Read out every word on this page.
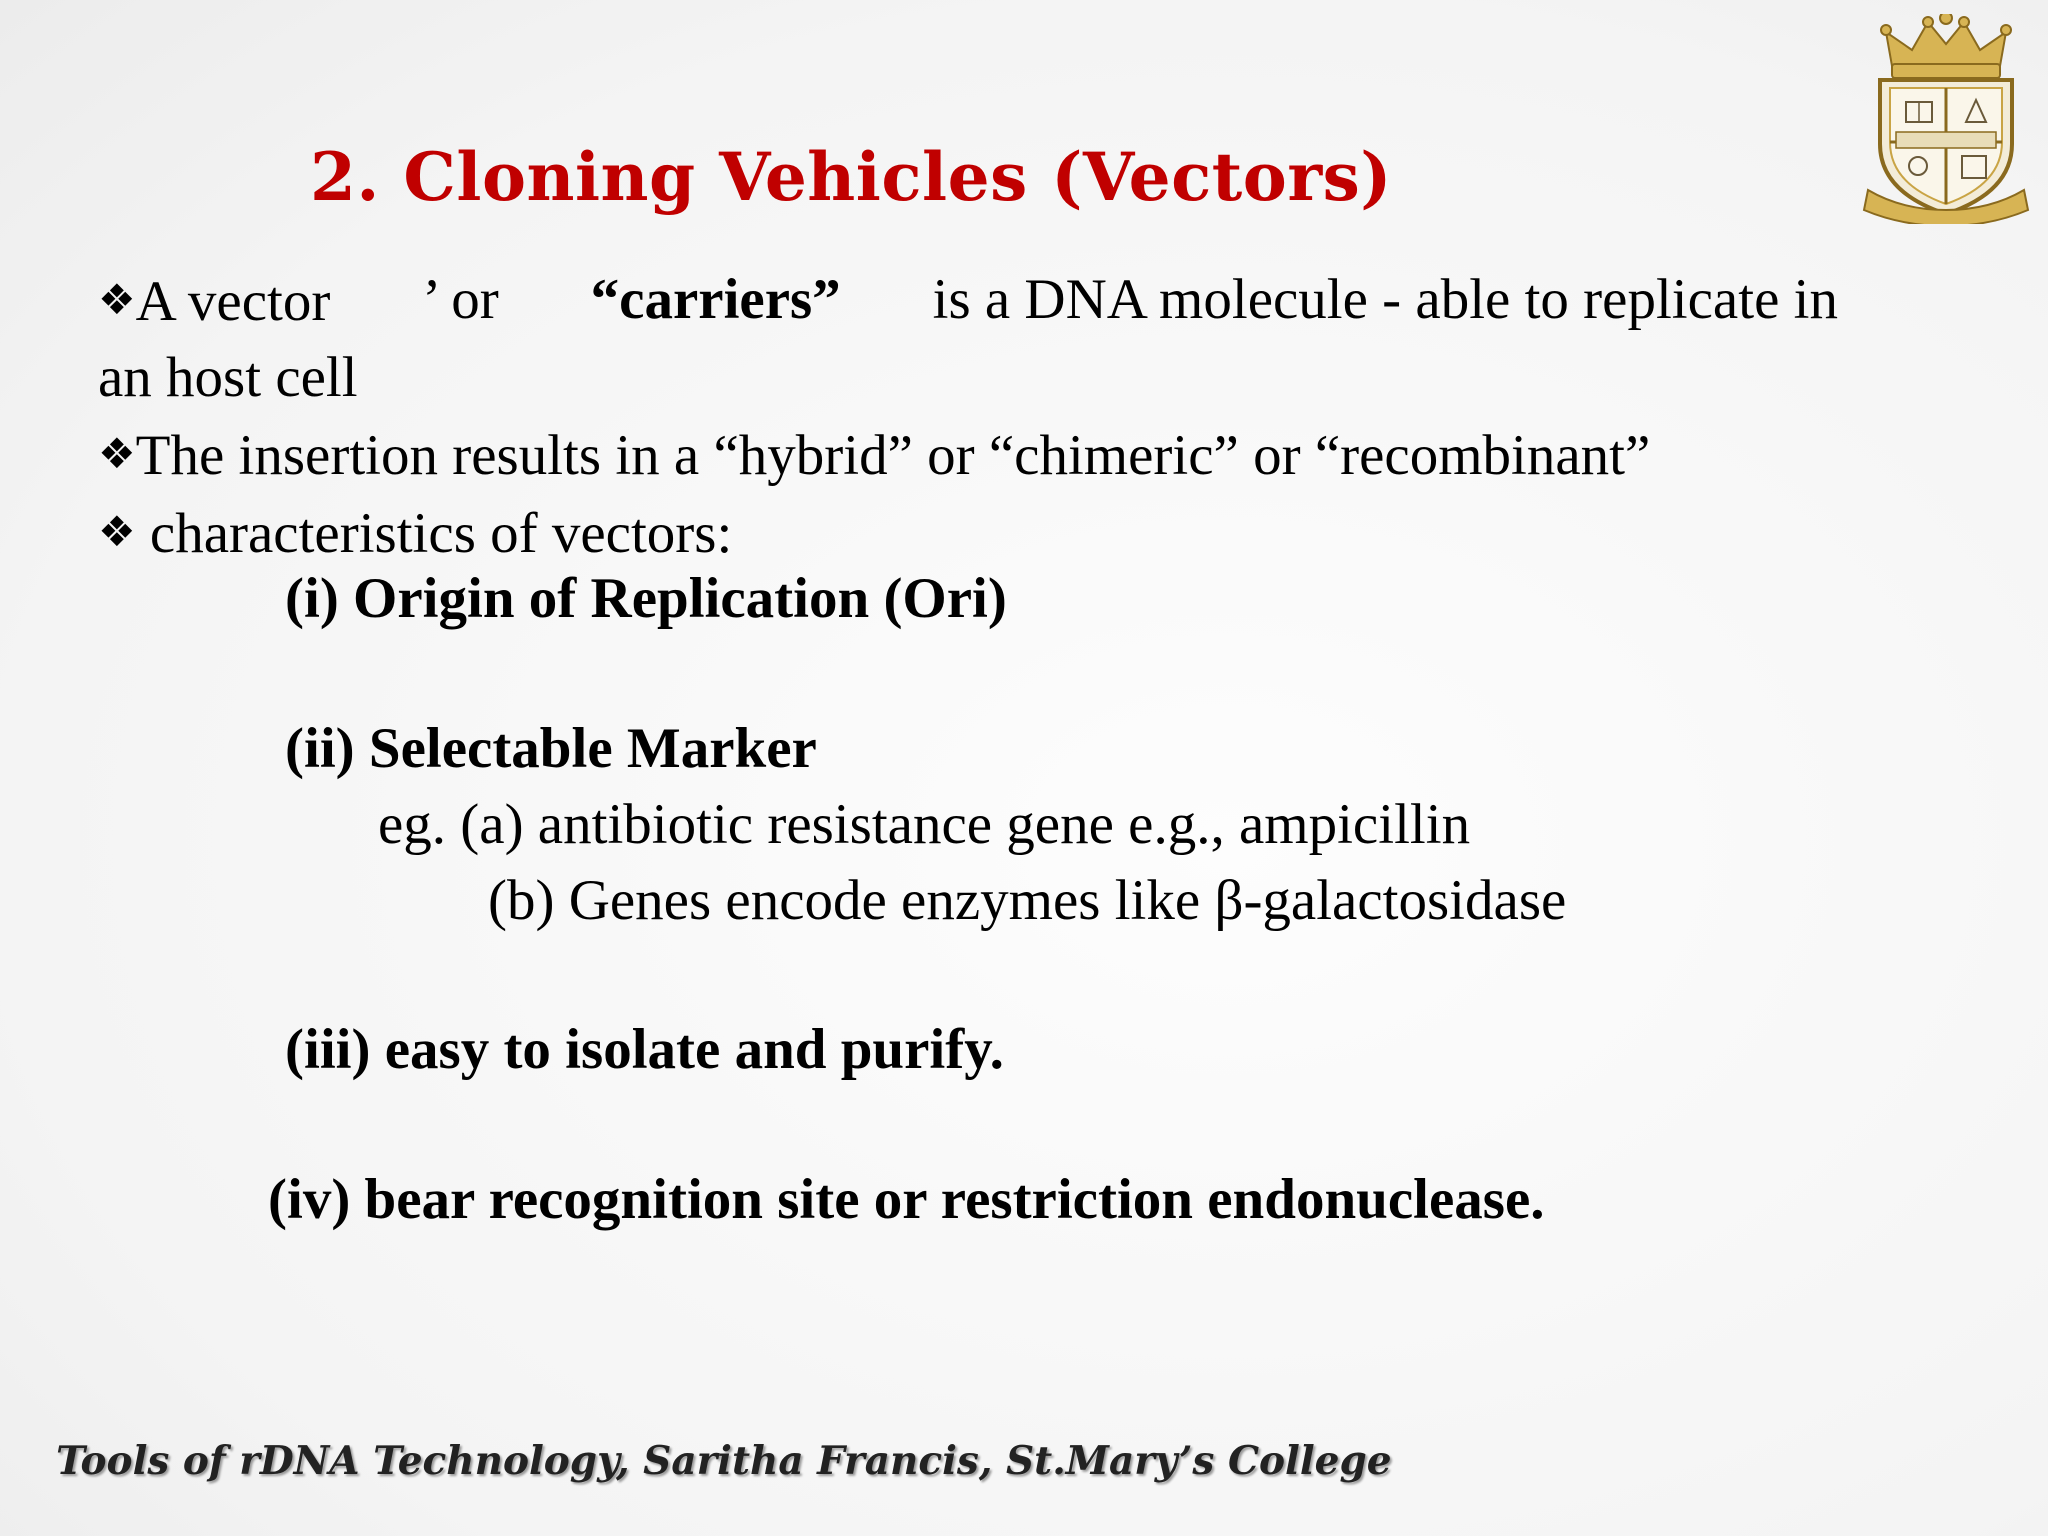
2. Cloning Vehicles (Vectors)
❖A vector ’ or “carriers” is a DNA molecule - able to replicate in
an host cell
❖The insertion results in a “hybrid” or “chimeric” or “recombinant”
❖ characteristics of vectors:
(i) Origin of Replication (Ori)
(ii) Selectable Marker
eg. (a) antibiotic resistance gene e.g., ampicillin
(b) Genes encode enzymes like β-galactosidase
(iii) easy to isolate and purify.
(iv) bear recognition site or restriction endonuclease.
Tools of rDNA Technology, Saritha Francis, St.Mary’s College
